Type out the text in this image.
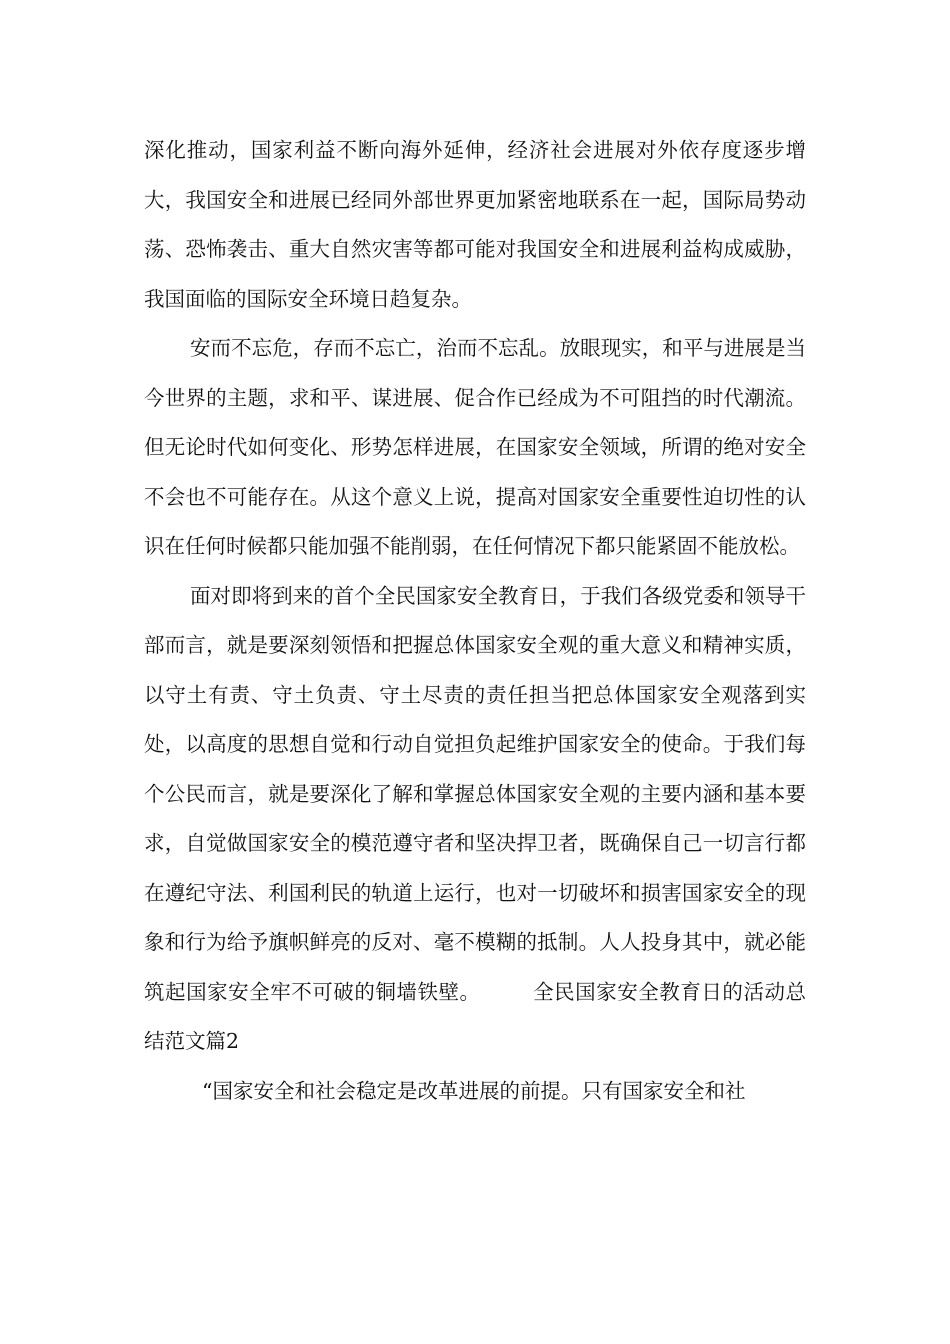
深化推动，国家利益不断向海外延伸，经济社会进展对外依存度逐步增大，我国安全和进展已经同外部世界更加紧密地联系在一起，国际局势动荡、恐怖袭击、重大自然灾害等都可能对我国安全和进展利益构成威胁，我国面临的国际安全环境日趋复杂。

安而不忘危，存而不忘亡，治而不忘乱。放眼现实，和平与进展是当今世界的主题，求和平、谋进展、促合作已经成为不可阻挡的时代潮流。但无论时代如何变化、形势怎样进展，在国家安全领域，所谓的绝对安全不会也不可能存在。从这个意义上说，提高对国家安全重要性迫切性的认识在任何时候都只能加强不能削弱，在任何情况下都只能紧固不能放松。

面对即将到来的首个全民国家安全教育日，于我们各级党委和领导干部而言，就是要深刻领悟和把握总体国家安全观的重大意义和精神实质，以守土有责、守土负责、守土尽责的责任担当把总体国家安全观落到实处，以高度的思想自觉和行动自觉担负起维护国家安全的使命。于我们每个公民而言，就是要深化了解和掌握总体国家安全观的主要内涵和基本要求，自觉做国家安全的模范遵守者和坚决捍卫者，既确保自己一切言行都在遵纪守法、利国利民的轨道上运行，也对一切破坏和损害国家安全的现象和行为给予旗帜鲜亮的反对、毫不模糊的抵制。人人投身其中，就必能筑起国家安全牢不可破的铜墙铁壁。	全民国家安全教育日的活动总结范文篇2

“国家安全和社会稳定是改革进展的前提。只有国家安全和社
